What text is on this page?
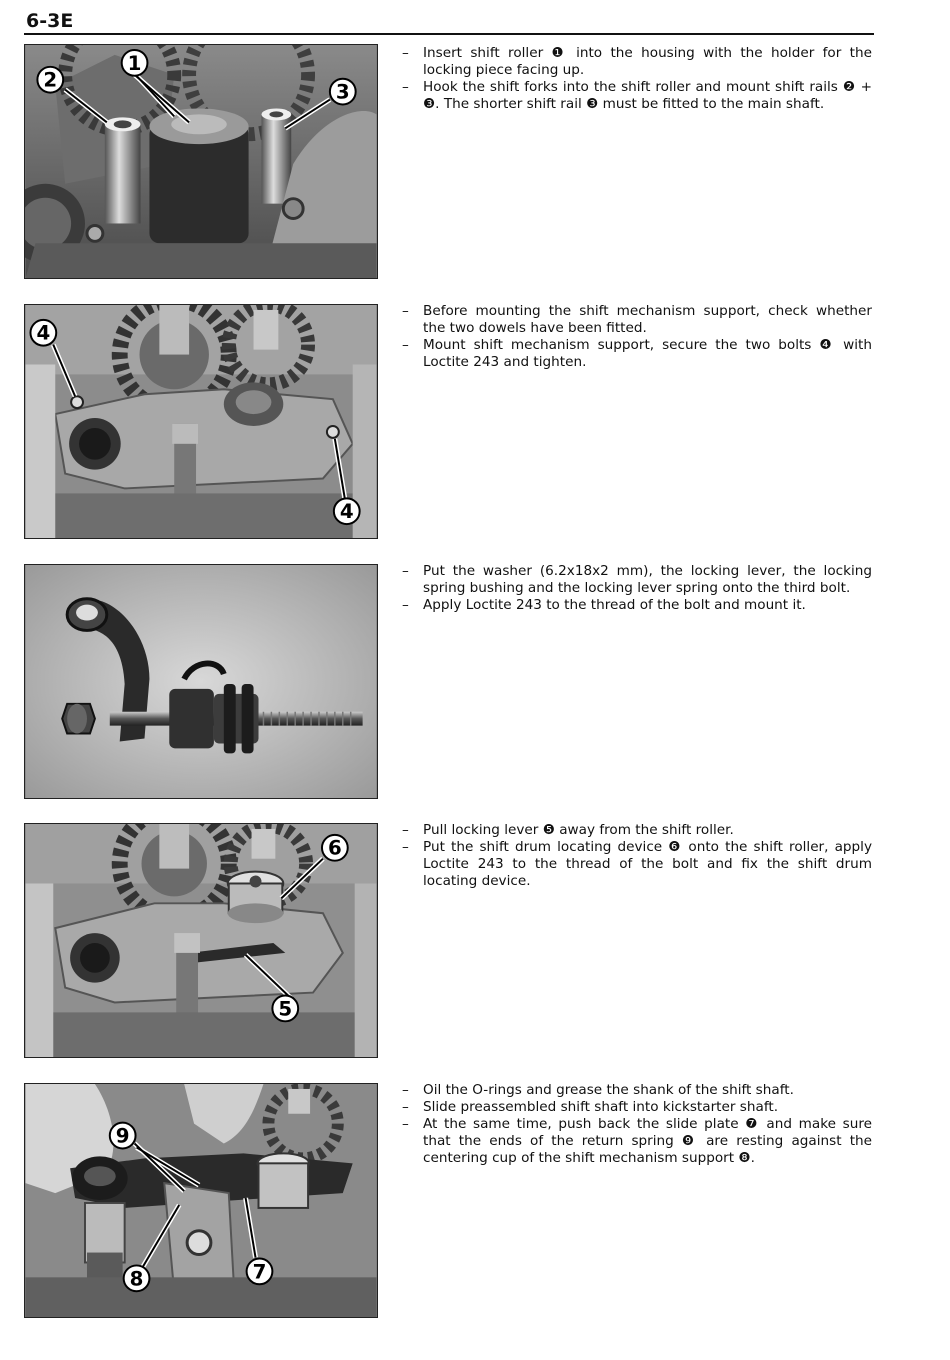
6-3E
1
2
3
– Insert shift roller ❶ into the housing with the holder for the locking piece facing up.
– Hook the shift forks into the shift roller and mount shift rails ❷ + ❸. The shorter shift rail ❸ must be fitted to the main shaft.
4
4
– Before mounting the shift mechanism support, check whether the two dowels have been fitted.
– Mount shift mechanism support, secure the two bolts ❹ with Loctite 243 and tighten.
– Put the washer (6.2x18x2 mm), the locking lever, the locking spring bushing and the locking lever spring onto the third bolt.
– Apply Loctite 243 to the thread of the bolt and mount it.
6
5
– Pull locking lever ❺ away from the shift roller.
– Put the shift drum locating device ❻ onto the shift roller, apply Loctite 243 to the thread of the bolt and fix the shift drum locating device.
9
8	7
– Oil the O-rings and grease the shank of the shift shaft.
– Slide preassembled shift shaft into kickstarter shaft.
– At the same time, push back the slide plate ❼ and make sure that the ends of the return spring ❾ are resting against the centering cup of the shift mechanism support ❽.
